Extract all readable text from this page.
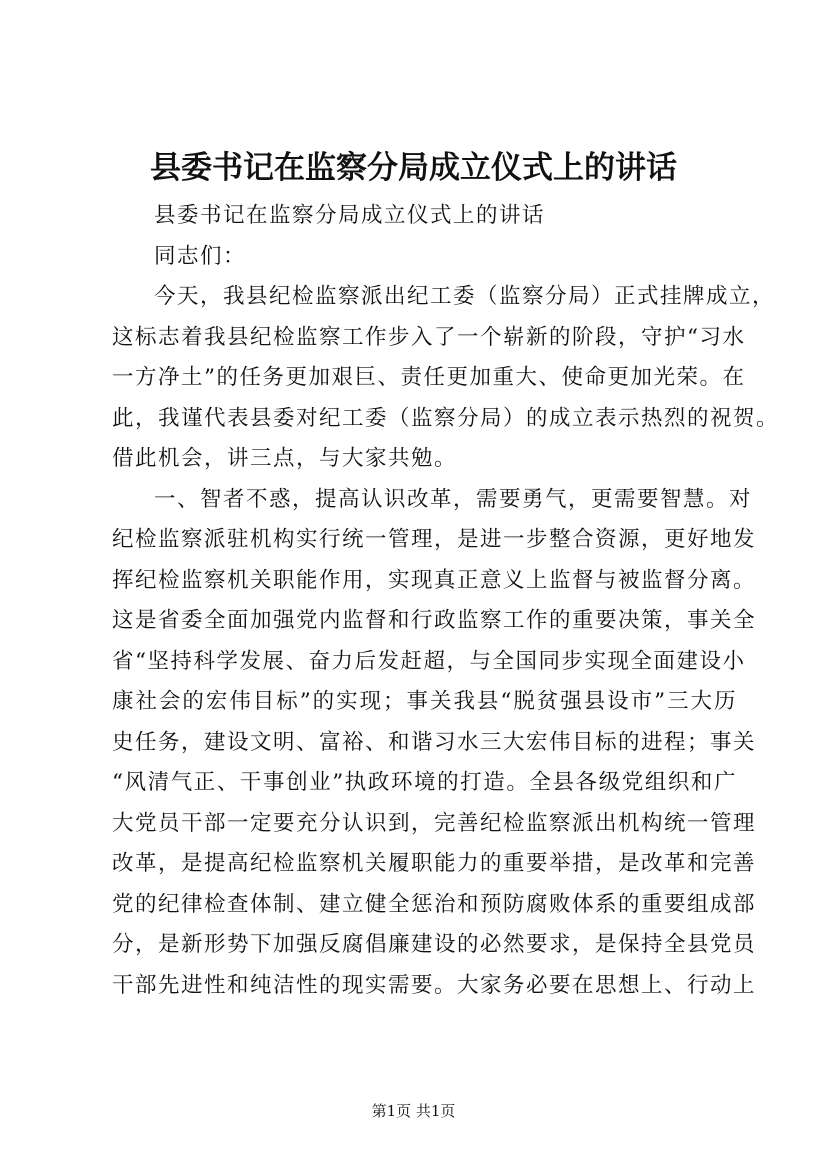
县委书记在监察分局成立仪式上的讲话
县委书记在监察分局成立仪式上的讲话
同志们：
今天，我县纪检监察派出纪工委（监察分局）正式挂牌成立，
这标志着我县纪检监察工作步入了一个崭新的阶段，守护“习水
一方净土”的任务更加艰巨、责任更加重大、使命更加光荣。在
此，我谨代表县委对纪工委（监察分局）的成立表示热烈的祝贺。
借此机会，讲三点，与大家共勉。
一、智者不惑，提高认识改革，需要勇气，更需要智慧。对
纪检监察派驻机构实行统一管理，是进一步整合资源，更好地发
挥纪检监察机关职能作用，实现真正意义上监督与被监督分离。
这是省委全面加强党内监督和行政监察工作的重要决策，事关全
省“坚持科学发展、奋力后发赶超，与全国同步实现全面建设小
康社会的宏伟目标”的实现；事关我县“脱贫强县设市”三大历
史任务，建设文明、富裕、和谐习水三大宏伟目标的进程；事关
“风清气正、干事创业”执政环境的打造。全县各级党组织和广
大党员干部一定要充分认识到，完善纪检监察派出机构统一管理
改革，是提高纪检监察机关履职能力的重要举措，是改革和完善
党的纪律检查体制、建立健全惩治和预防腐败体系的重要组成部
分，是新形势下加强反腐倡廉建设的必然要求，是保持全县党员
干部先进性和纯洁性的现实需要。大家务必要在思想上、行动上
第1页 共1页
